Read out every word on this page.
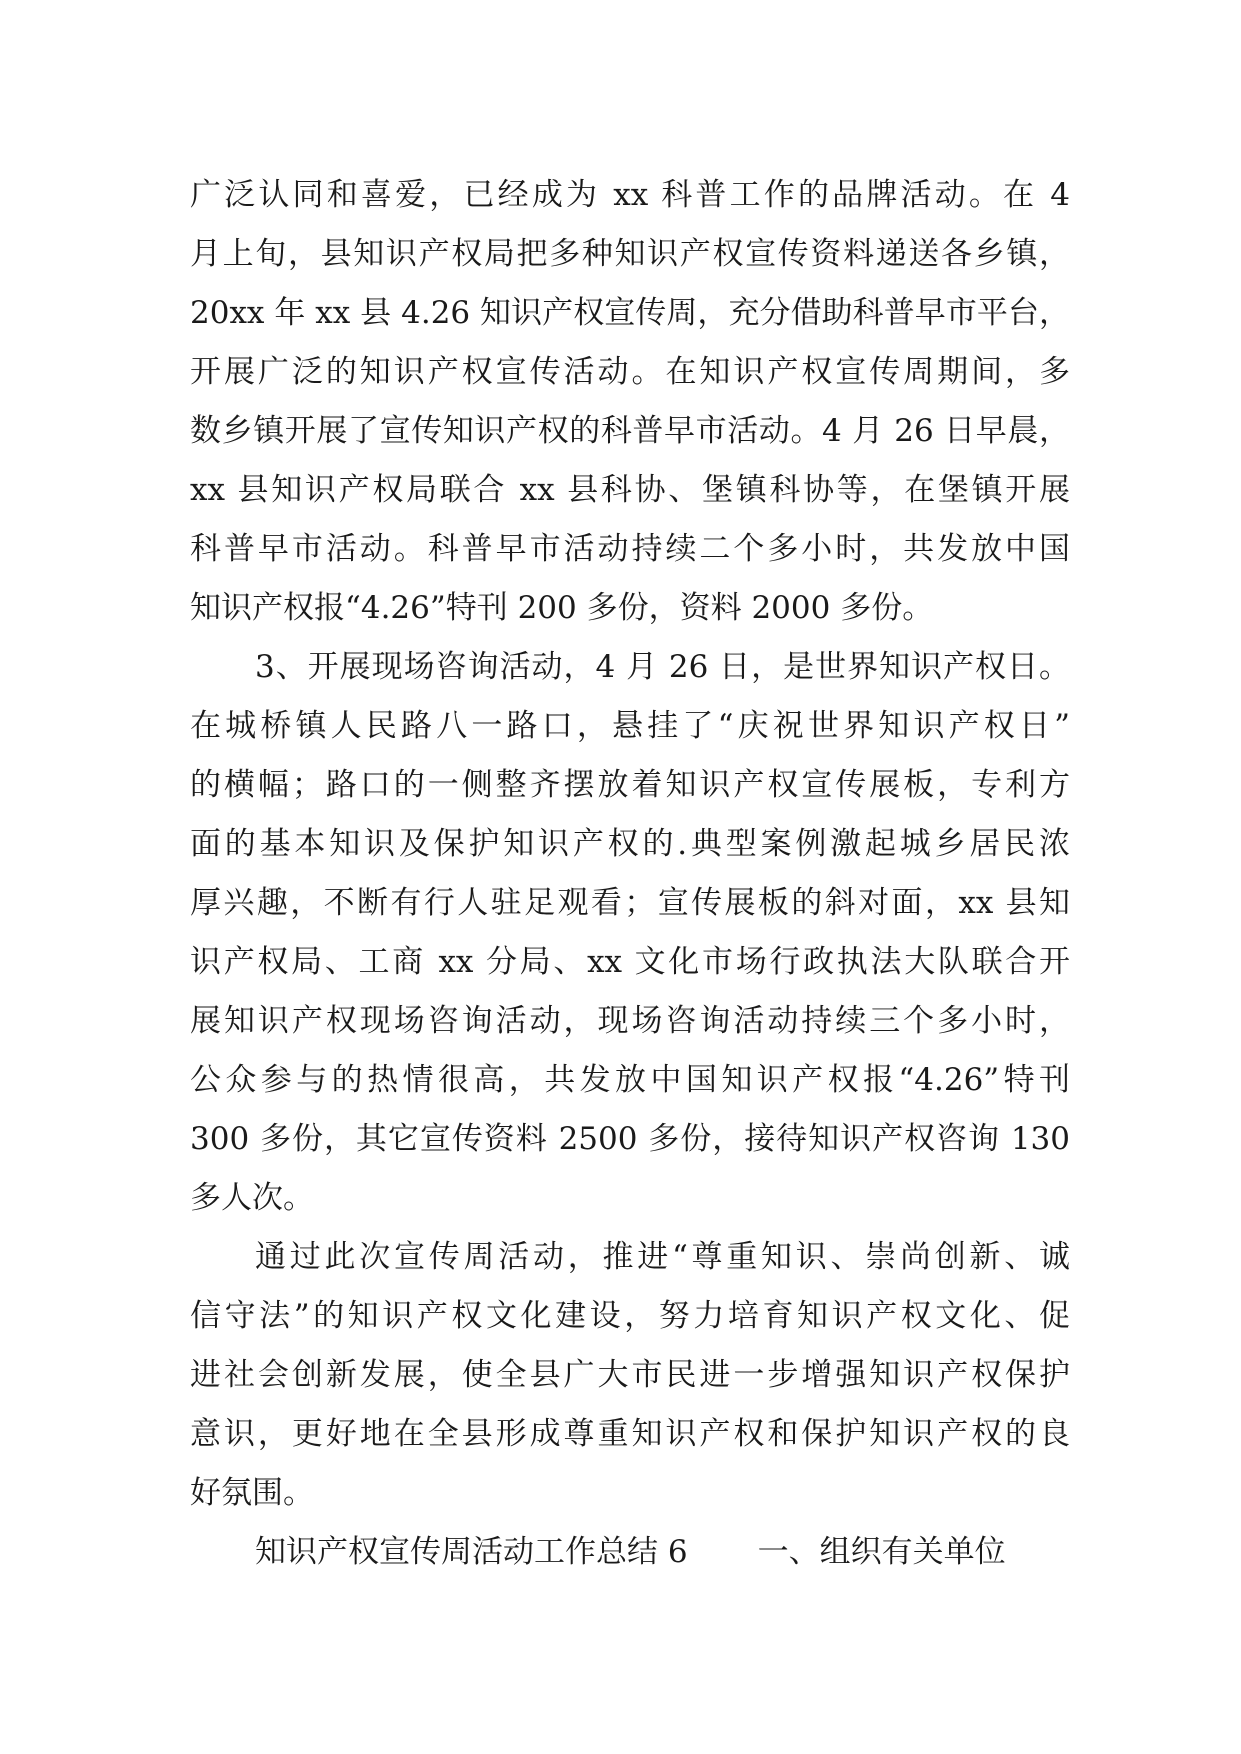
广泛认同和喜爱，已经成为 xx 科普工作的品牌活动。在 4
月上旬，县知识产权局把多种知识产权宣传资料递送各乡镇，
20xx 年 xx 县 4.26 知识产权宣传周，充分借助科普早市平台，
开展广泛的知识产权宣传活动。在知识产权宣传周期间，多
数乡镇开展了宣传知识产权的科普早市活动。4 月 26 日早晨，
xx 县知识产权局联合 xx 县科协、堡镇科协等，在堡镇开展
科普早市活动。科普早市活动持续二个多小时，共发放中国
知识产权报“4.26”特刊 200 多份，资料 2000 多份。
3、开展现场咨询活动，4 月 26 日，是世界知识产权日。
在城桥镇人民路八一路口，悬挂了“庆祝世界知识产权日”
的横幅；路口的一侧整齐摆放着知识产权宣传展板，专利方
面的基本知识及保护知识产权的.典型案例激起城乡居民浓
厚兴趣，不断有行人驻足观看；宣传展板的斜对面，xx 县知
识产权局、工商 xx 分局、xx 文化市场行政执法大队联合开
展知识产权现场咨询活动，现场咨询活动持续三个多小时，
公众参与的热情很高，共发放中国知识产权报“4.26”特刊
300 多份，其它宣传资料 2500 多份，接待知识产权咨询 130
多人次。
通过此次宣传周活动，推进“尊重知识、崇尚创新、诚
信守法”的知识产权文化建设，努力培育知识产权文化、促
进社会创新发展，使全县广大市民进一步增强知识产权保护
意识，更好地在全县形成尊重知识产权和保护知识产权的良
好氛围。
知识产权宣传周活动工作总结 6 一、组织有关单位
